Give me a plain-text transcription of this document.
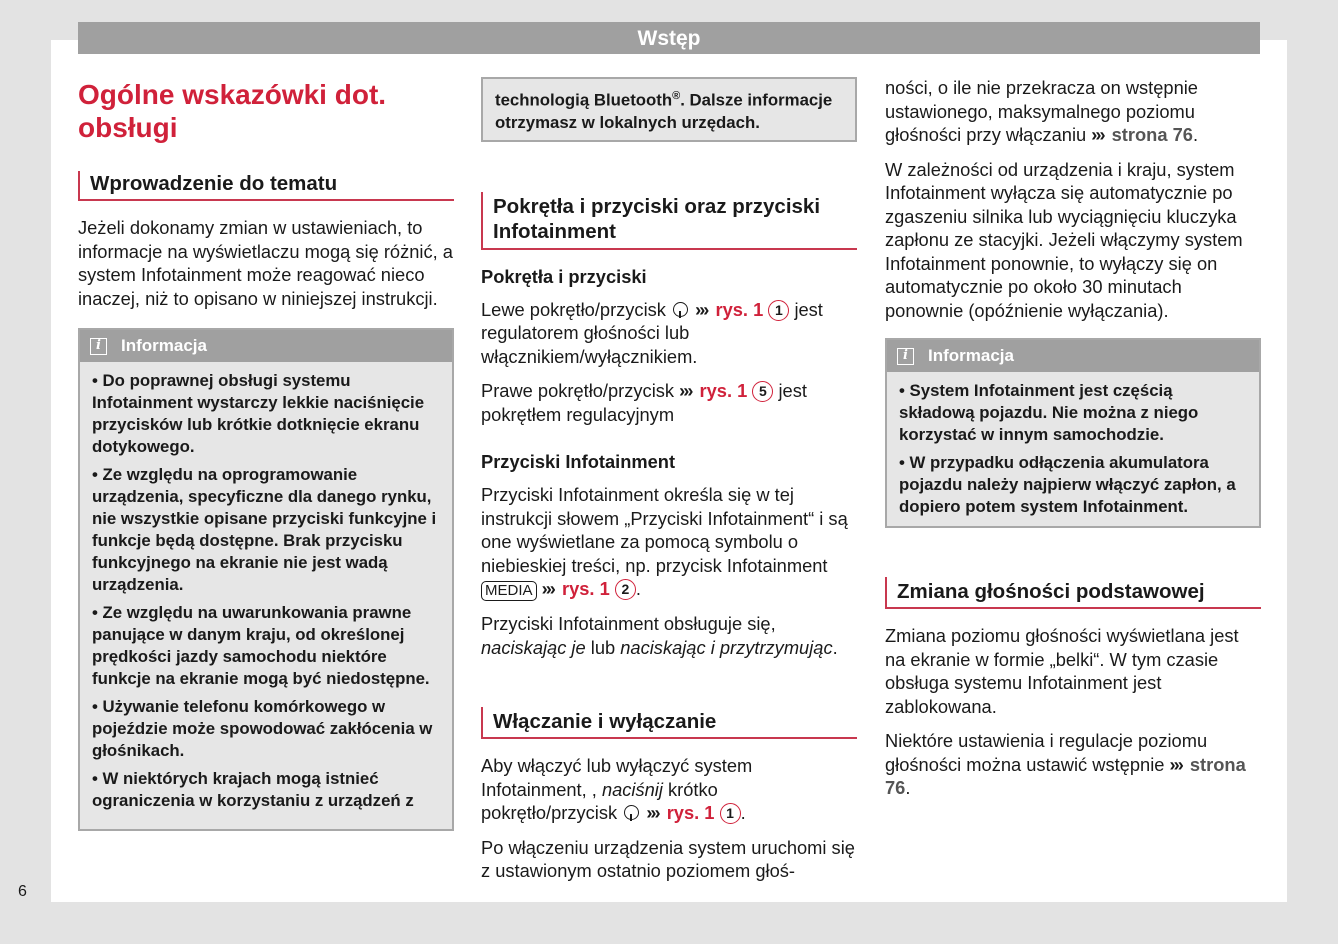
Wstęp
6
Ogólne wskazówki dot. obsługi
Wprowadzenie do tematu

Jeżeli dokonamy zmian w ustawieniach, to informacje na wyświetlaczu mogą się różnić, a system Infotainment może reagować nieco inaczej, niż to opisano w niniejszej instrukcji.

i	Informacja

• Do poprawnej obsługi systemu Infotainment wystarczy lekkie naciśnięcie przycisków lub krótkie dotknięcie ekranu dotykowego.

• Ze względu na oprogramowanie urządzenia, specyficzne dla danego rynku, nie wszystkie opisane przyciski funkcyjne i funkcje będą dostępne. Brak przycisku funkcyjnego na ekranie nie jest wadą urządzenia.

• Ze względu na uwarunkowania prawne panujące w danym kraju, od określonej prędkości jazdy samochodu niektóre funkcje na ekranie mogą być niedostępne.

• Używanie telefonu komórkowego w pojeździe może spowodować zakłócenia w głośnikach.

• W niektórych krajach mogą istnieć ograniczenia w korzystaniu z urządzeń z

technologią Bluetooth®. Dalsze informacje otrzymasz w lokalnych urzędach.

Pokrętła i przyciski oraz przyciski Infotainment
Pokrętła i przyciski

Lewe pokrętło/przycisk ››› rys. 1 1 jest regulatorem głośności lub włącznikiem/wyłącznikiem.

Prawe pokrętło/przycisk ››› rys. 1 5 jest pokrętłem regulacyjnym

Przyciski Infotainment

Przyciski Infotainment określa się w tej instrukcji słowem „Przyciski Infotainment“ i są one wyświetlane za pomocą symbolu o niebieskiej treści, np. przycisk Infotainment MEDIA ››› rys. 1 2 .

Przyciski Infotainment obsługuje się, naciskając je lub naciskając i przytrzymując.

Włączanie i wyłączanie

Aby włączyć lub wyłączyć system Infotainment, , naciśnij krótko pokrętło/przycisk ››› rys. 1 1 .

Po włączeniu urządzenia system uruchomi się z ustawionym ostatnio poziomem głoś-

ności, o ile nie przekracza on wstępnie ustawionego, maksymalnego poziomu głośności przy włączaniu ››› strona 76.

W zależności od urządzenia i kraju, system Infotainment wyłącza się automatycznie po zgaszeniu silnika lub wyciągnięciu kluczyka zapłonu ze stacyjki. Jeżeli włączymy system Infotainment ponownie, to wyłączy się on automatycznie po około 30 minutach ponownie (opóźnienie wyłączania).

i	Informacja

• System Infotainment jest częścią składową pojazdu. Nie można z niego korzystać w innym samochodzie.

• W przypadku odłączenia akumulatora pojazdu należy najpierw włączyć zapłon, a dopiero potem system Infotainment.

Zmiana głośności podstawowej

Zmiana poziomu głośności wyświetlana jest na ekranie w formie „belki“. W tym czasie obsługa systemu Infotainment jest zablokowana.

Niektóre ustawienia i regulacje poziomu głośności można ustawić wstępnie ››› strona 76.
